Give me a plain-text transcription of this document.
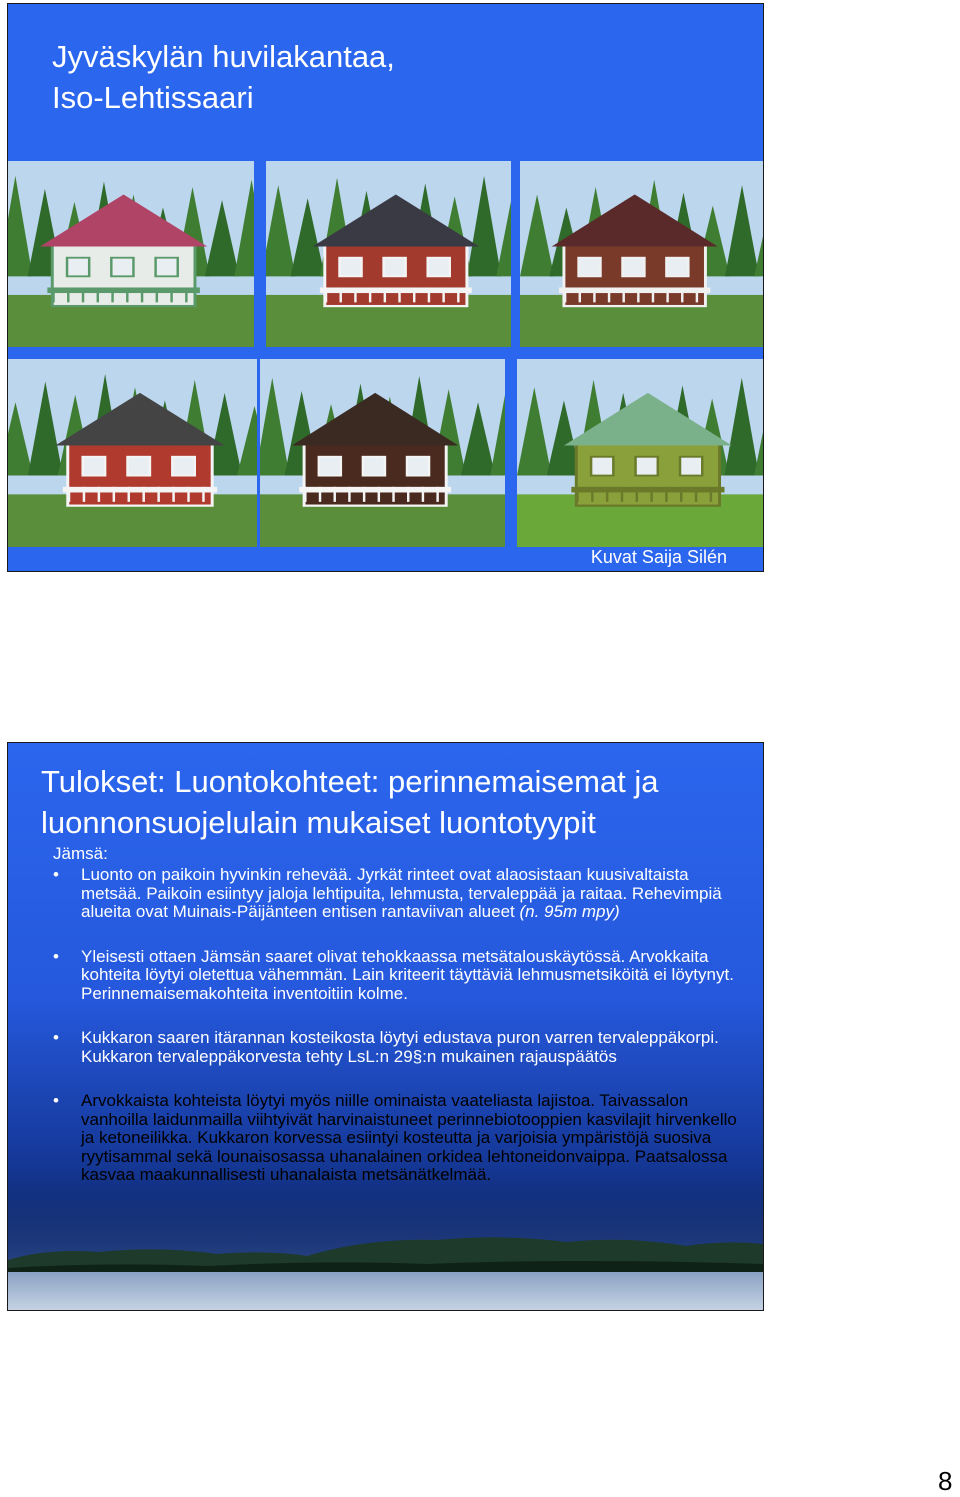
Jyväskylän huvilakantaa,
Iso-Lehtissaari
Kuvat Saija Silén
Tulokset: Luontokohteet: perinnemaisemat ja
luonnonsuojelulain mukaiset luontotyypit
Jämsä:
• Luonto on paikoin hyvinkin rehevää. Jyrkät rinteet ovat alaosistaan kuusivaltaista metsää. Paikoin esiintyy jaloja lehtipuita, lehmusta, tervaleppää ja raitaa. Rehevimpiä alueita ovat Muinais-Päijänteen entisen rantaviivan alueet (n. 95m mpy)
• Yleisesti ottaen Jämsän saaret olivat tehokkaassa metsätalouskäytössä. Arvokkaita kohteita löytyi oletettua vähemmän. Lain kriteerit täyttäviä lehmusmetsiköitä ei löytynyt. Perinnemaisemakohteita inventoitiin kolme.
• Kukkaron saaren itärannan kosteikosta löytyi edustava puron varren tervaleppäkorpi. Kukkaron tervaleppäkorvesta tehty LsL:n 29§:n mukainen rajauspäätös
• Arvokkaista kohteista löytyi myös niille ominaista vaateliasta lajistoa. Taivassalon vanhoilla laidunmailla viihtyivät harvinaistuneet perinnebiotooppien kasvilajit hirvenkello ja ketoneilikka. Kukkaron korvessa esiintyi kosteutta ja varjoisia ympäristöjä suosiva ryytisammal sekä lounaisosassa uhanalainen orkidea lehtoneidonvaippa. Paatsalossa kasvaa maakunnallisesti uhanalaista metsänätkelmää.
8
